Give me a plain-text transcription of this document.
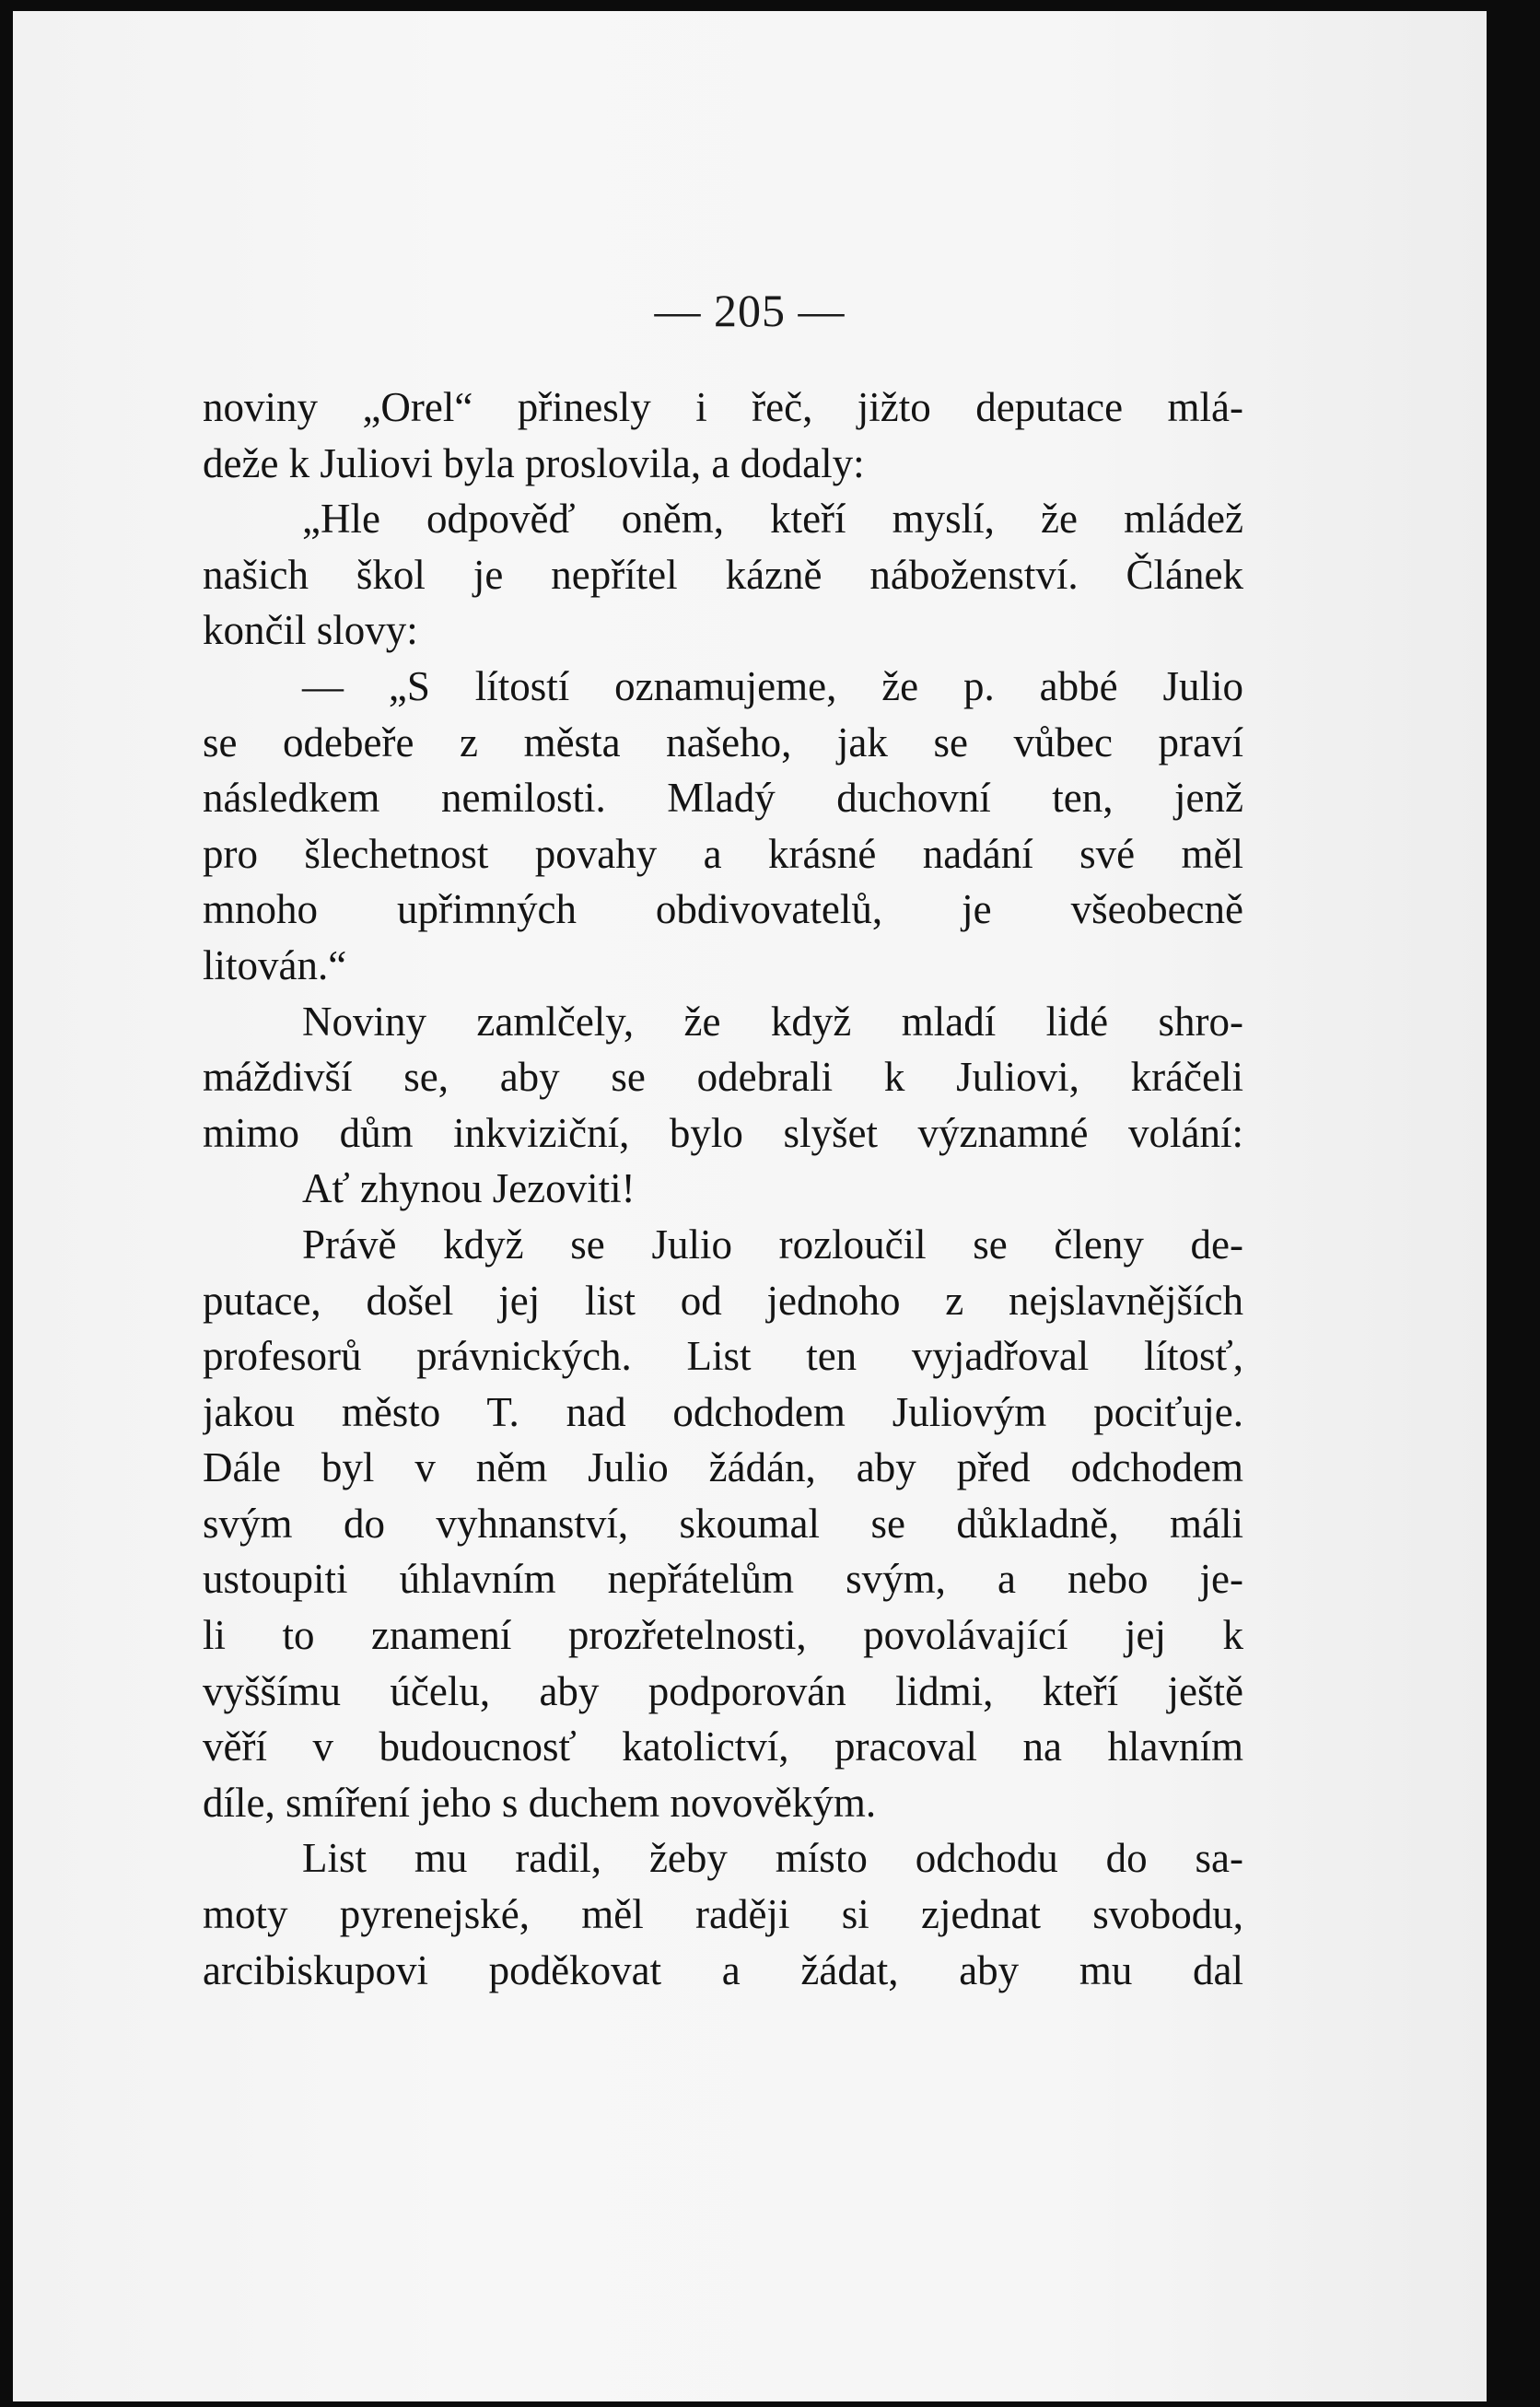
— 205 —
noviny „Orel“ přinesly i řeč, jižto deputace mlá-
deže k Juliovi byla proslovila, a dodaly:
„Hle odpověď oněm, kteří myslí, že mládež
našich škol je nepřítel kázně náboženství. Článek
končil slovy:
— „S lítostí oznamujeme, že p. abbé Julio
se odebeře z města našeho, jak se vůbec praví
následkem nemilosti. Mladý duchovní ten, jenž
pro šlechetnost povahy a krásné nadání své měl
mnoho upřimných obdivovatelů, je všeobecně
litován.“
Noviny zamlčely, že když mladí lidé shro-
máždivší se, aby se odebrali k Juliovi, kráčeli
mimo dům inkviziční, bylo slyšet významné volání:
Ať zhynou Jezoviti!
Právě když se Julio rozloučil se členy de-
putace, došel jej list od jednoho z nejslavnějších
profesorů právnických. List ten vyjadřoval lítosť,
jakou město T. nad odchodem Juliovým pociťuje.
Dále byl v něm Julio žádán, aby před odchodem
svým do vyhnanství, skoumal se důkladně, máli
ustoupiti úhlavním nepřátelům svým, a nebo je-
li to znamení prozřetelnosti, povolávající jej k
vyššímu účelu, aby podporován lidmi, kteří ještě
věří v budoucnosť katolictví, pracoval na hlavním
díle, smíření jeho s duchem novověkým.
List mu radil, žeby místo odchodu do sa-
moty pyrenejské, měl raději si zjednat svobodu,
arcibiskupovi poděkovat a žádat, aby mu dal
